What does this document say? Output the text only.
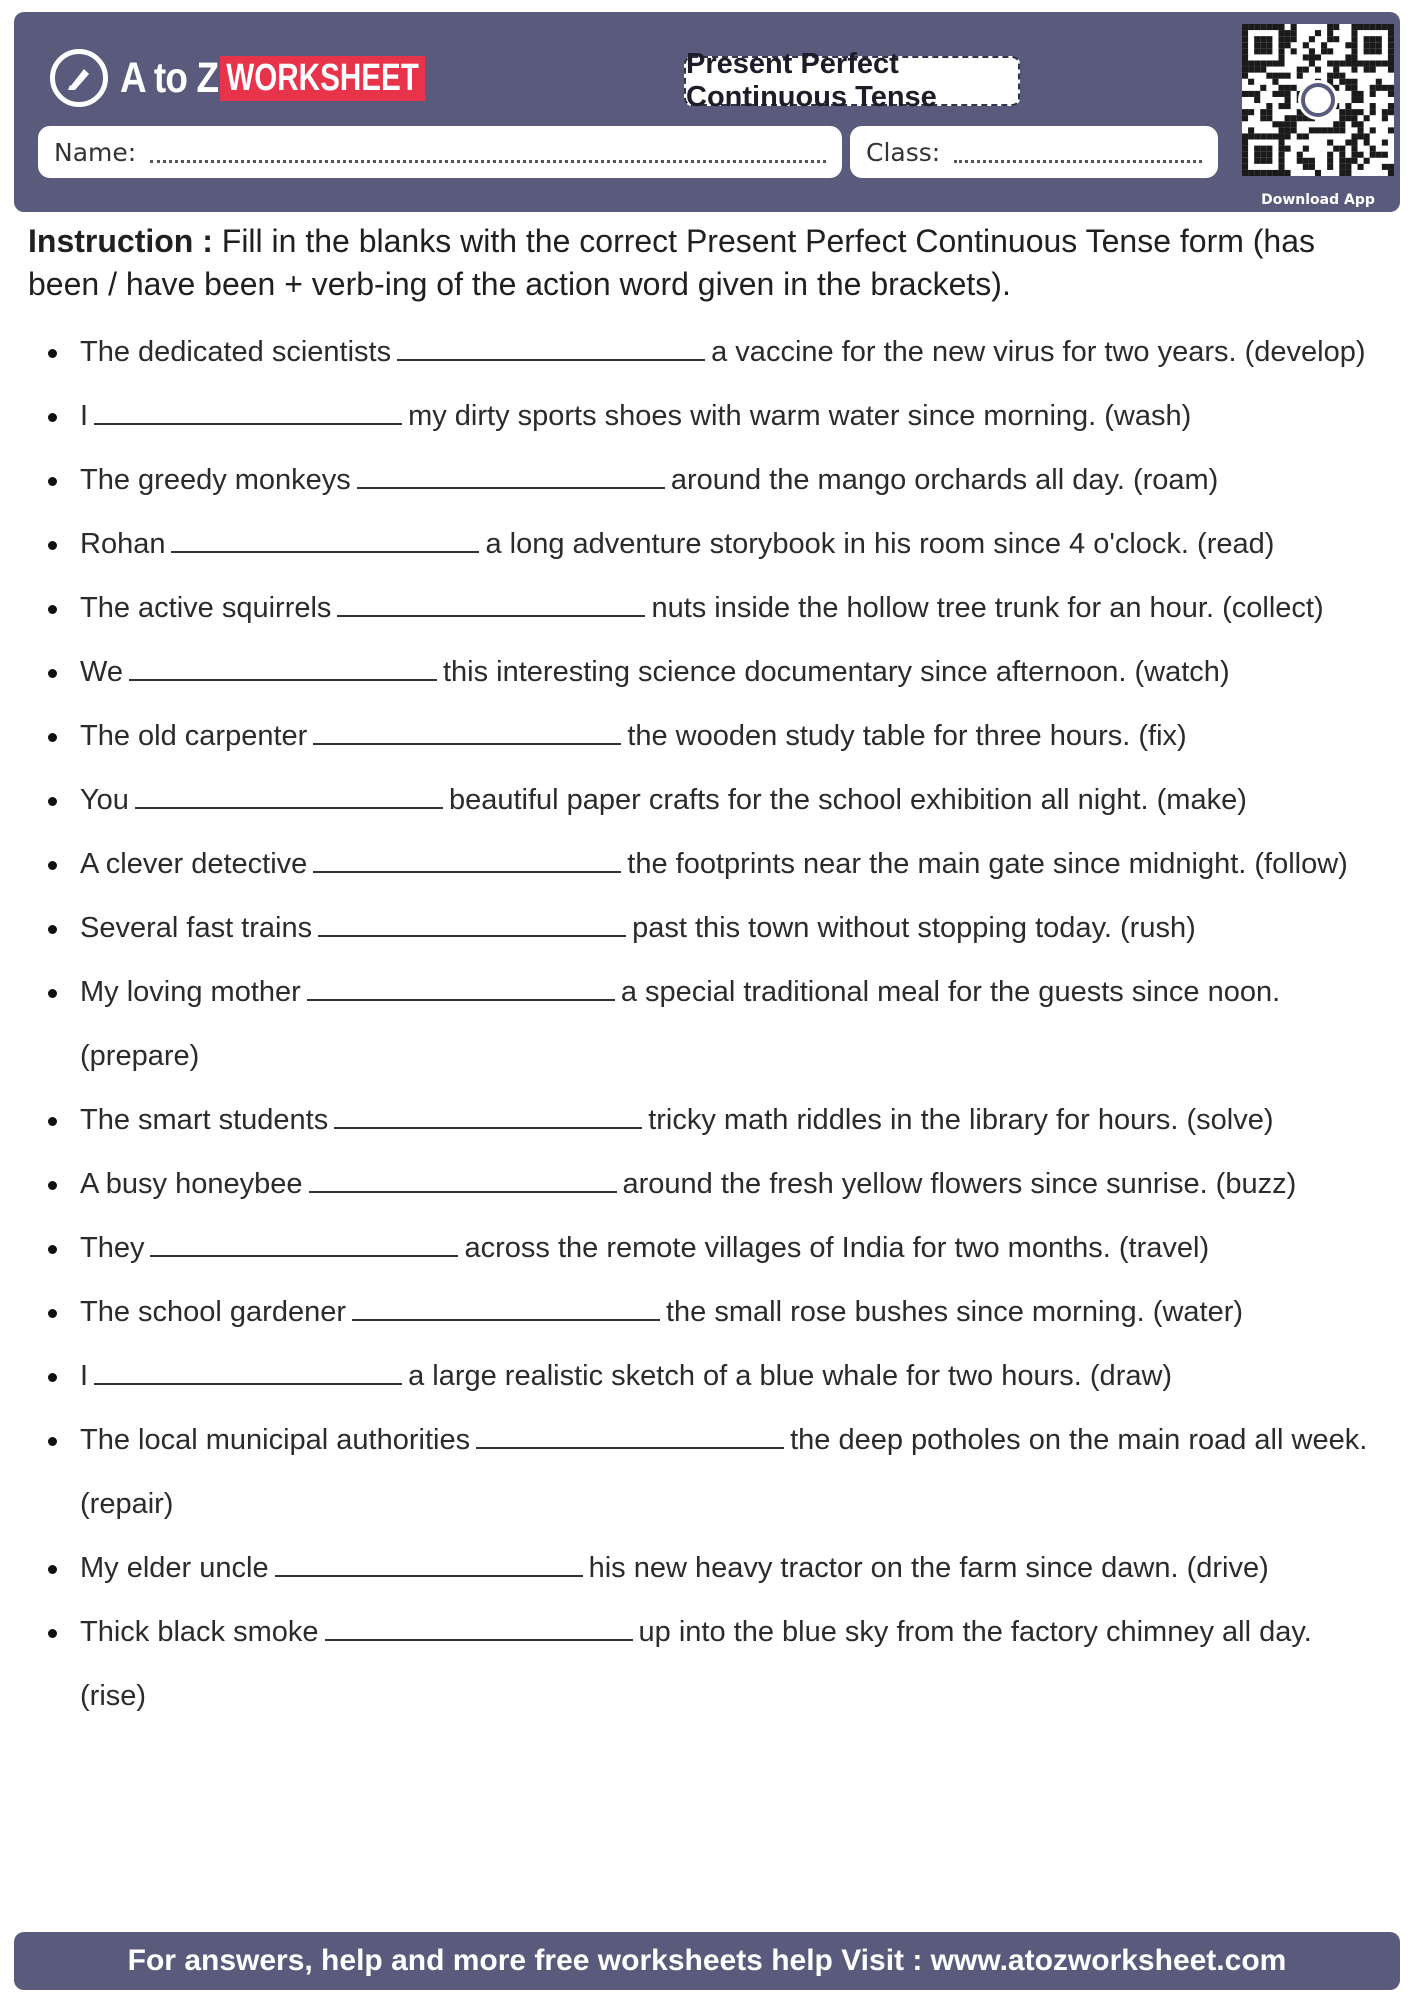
A to Z WORKSHEET	Present Perfect Continuous Tense
Name:	Class:
Download App
Instruction : Fill in the blanks with the correct Present Perfect Continuous Tense form (has been / have been + verb-ing of the action word given in the brackets).
The dedicated scientists	a vaccine for the new virus for two years. (develop)
I	my dirty sports shoes with warm water since morning. (wash)
The greedy monkeys	around the mango orchards all day. (roam)
Rohan	a long adventure storybook in his room since 4 o'clock. (read)
The active squirrels	nuts inside the hollow tree trunk for an hour. (collect)
We	this interesting science documentary since afternoon. (watch)
The old carpenter	the wooden study table for three hours. (fix)
You	beautiful paper crafts for the school exhibition all night. (make)
A clever detective	the footprints near the main gate since midnight. (follow)
Several fast trains	past this town without stopping today. (rush)
My loving mother	a special traditional meal for the guests since noon. (prepare)
The smart students	tricky math riddles in the library for hours. (solve)
A busy honeybee	around the fresh yellow flowers since sunrise. (buzz)
They	across the remote villages of India for two months. (travel)
The school gardener	the small rose bushes since morning. (water)
I	a large realistic sketch of a blue whale for two hours. (draw)
The local municipal authorities	the deep potholes on the main road all week. (repair)
My elder uncle	his new heavy tractor on the farm since dawn. (drive)
Thick black smoke	up into the blue sky from the factory chimney all day. (rise)
For answers, help and more free worksheets help Visit : www.atozworksheet.com
